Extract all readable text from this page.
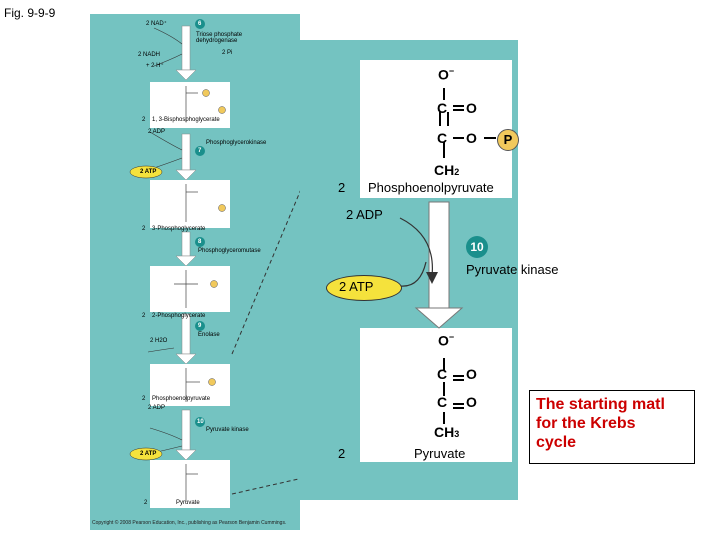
Fig. 9-9-9
2 NAD⁺	6
Triose phosphate dehydrogenase
2 Pi
2 NADH
+ 2 H⁺
2 1, 3-Bisphosphoglycerate
2 ADP
7
Phosphoglycerokinase
2 ATP
2 3-Phosphoglycerate
8
Phosphoglyceromutase
2 2-Phosphoglycerate
9
Enolase
2 H2O
2 Phosphoenolpyruvate
2 ADP
10
Pyruvate kinase
2 ATP
2	Pyruvate
Copyright © 2008 Pearson Education, Inc., publishing as Pearson Benjamin Cummings.
O−
C O
C O	P
CH2
2 Phosphoenolpyruvate
2 ADP
10
Pyruvate kinase
2 ATP
O−
C O
C O
CH3
2	Pyruvate
The starting matl
for the Krebs
cycle
